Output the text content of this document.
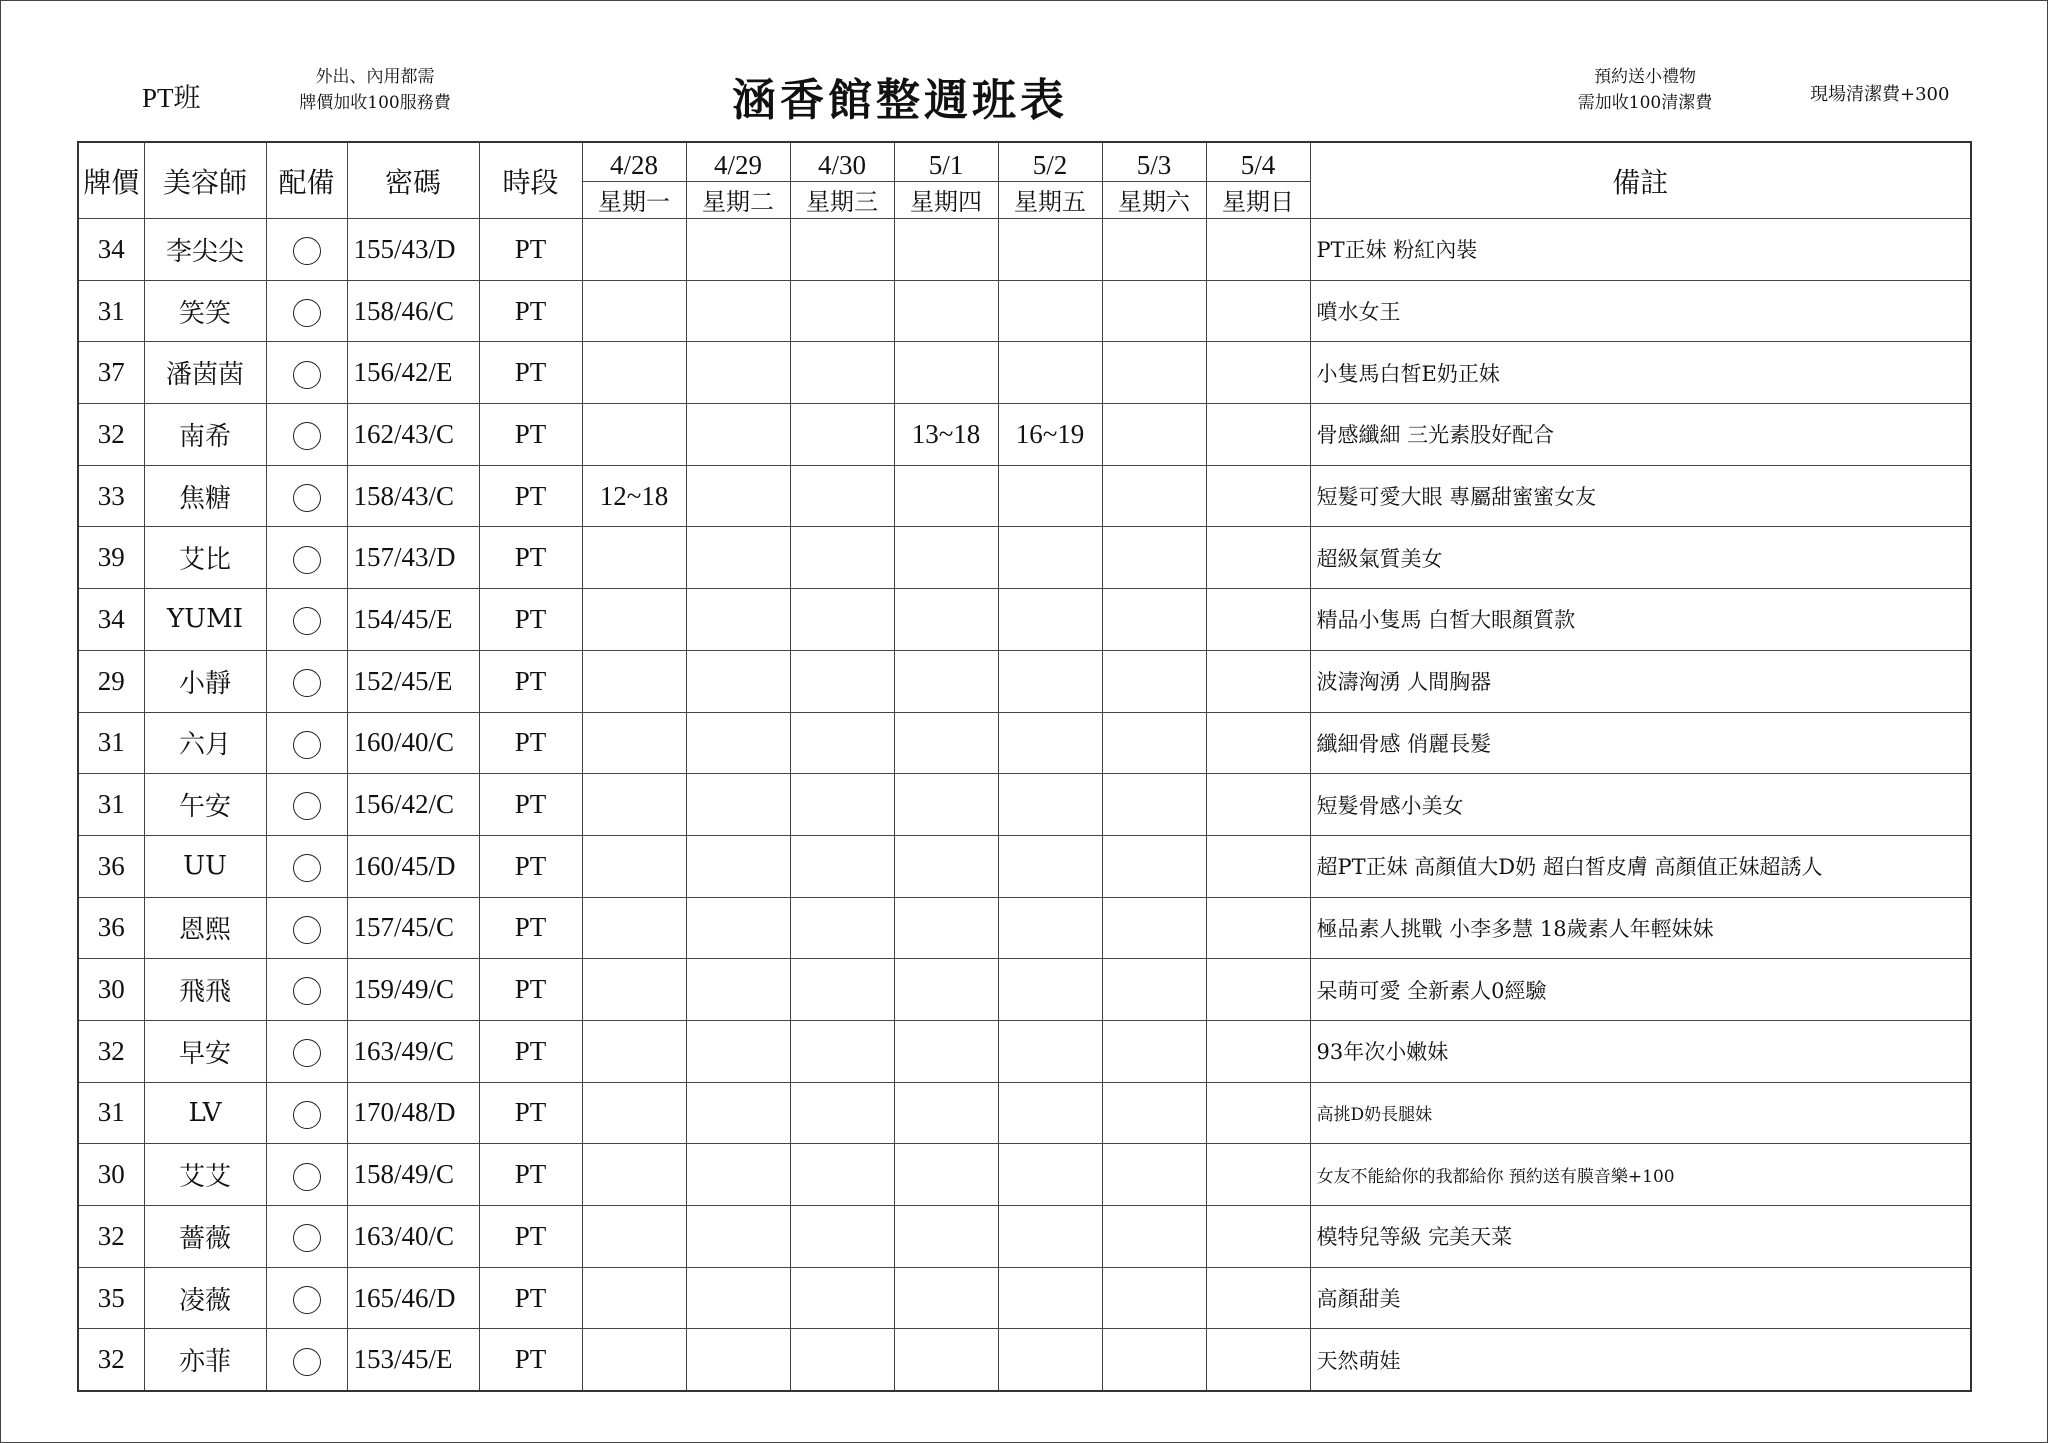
PT班
外出、內用都需
牌價加收100服務費	涵香館整週班表	預約送小禮物
需加收100清潔費	現場清潔費+300
牌價	美容師	配備	密碼	時段	4/28	4/29	4/30	5/1	5/2	5/3	5/4	備註
					星期一	星期二	星期三	星期四	星期五	星期六	星期日	
34	李尖尖		155/43/D	PT								PT正妹 粉紅內裝
31	笑笑		158/46/C	PT								噴水女王
37	潘茵茵		156/42/E	PT								小隻馬白皙E奶正妹
32	南希		162/43/C	PT				13~18	16~19			骨感纖細 三光素股好配合
33	焦糖		158/43/C	PT	12~18							短髮可愛大眼 專屬甜蜜蜜女友
39	艾比		157/43/D	PT								超級氣質美女
34	YUMI		154/45/E	PT								精品小隻馬 白皙大眼顏質款
29	小靜		152/45/E	PT								波濤洶湧 人間胸器
31	六月		160/40/C	PT								纖細骨感 俏麗長髮
31	午安		156/42/C	PT								短髮骨感小美女
36	UU		160/45/D	PT								超PT正妹 高顏值大D奶 超白皙皮膚 高顏值正妹超誘人
36	恩熙		157/45/C	PT								極品素人挑戰 小李多慧 18歲素人年輕妹妹
30	飛飛		159/49/C	PT								呆萌可愛 全新素人0經驗
32	早安		163/49/C	PT								93年次小嫩妹
31	LV		170/48/D	PT								高挑D奶長腿妹
30	艾艾		158/49/C	PT								女友不能給你的我都給你 預約送有膜音樂+100
32	薔薇		163/40/C	PT								模特兒等級 完美天菜
35	凌薇		165/46/D	PT								高顏甜美
32	亦菲		153/45/E	PT								天然萌娃
